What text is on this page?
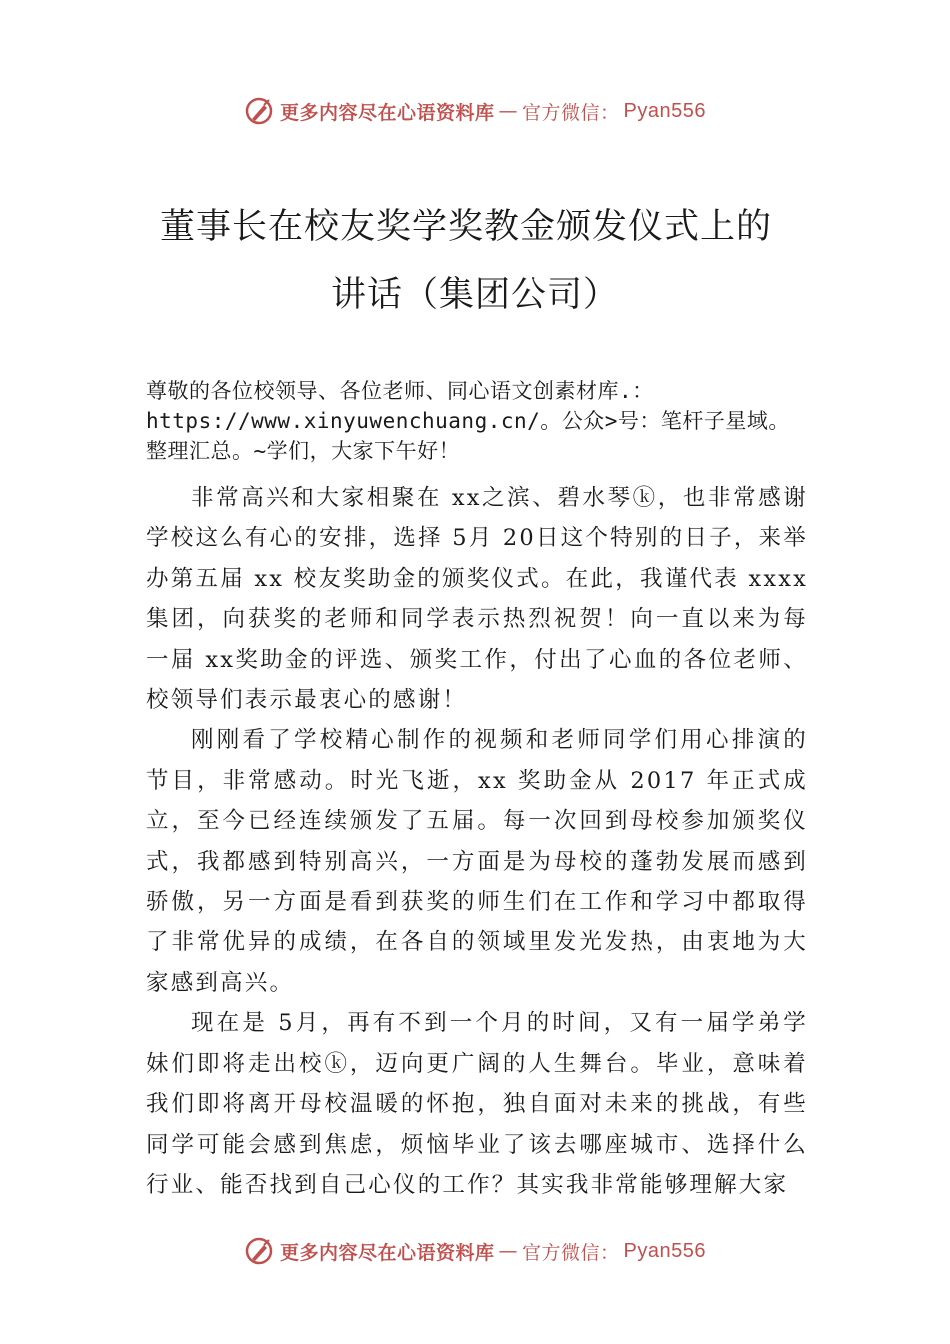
更多内容尽在心语资料库 — 官方微信： Pyan556
董事长在校友奖学奖教金颁发仪式上的
讲话（集团公司）
尊敬的各位校领导、各位老师、同心语文创素材库.：
https://www.xinyuwenchuang.cn/。公众>号：笔杆子星域。
整理汇总。~学们，大家下午好！

非常高兴和大家相聚在 xx之滨、碧水琴ⓚ，也非常感谢学校这么有心的安排，选择 5月 20日这个特别的日子，来举办第五届 xx 校友奖助金的颁奖仪式。在此，我谨代表 xxxx集团，向获奖的老师和同学表示热烈祝贺！向一直以来为每一届 xx奖助金的评选、颁奖工作，付出了心血的各位老师、校领导们表示最衷心的感谢！

刚刚看了学校精心制作的视频和老师同学们用心排演的节目，非常感动。时光飞逝，xx 奖助金从 2017 年正式成立，至今已经连续颁发了五届。每一次回到母校参加颁奖仪式，我都感到特别高兴，一方面是为母校的蓬勃发展而感到骄傲，另一方面是看到获奖的师生们在工作和学习中都取得了非常优异的成绩，在各自的领域里发光发热，由衷地为大家感到高兴。

现在是 5月，再有不到一个月的时间，又有一届学弟学妹们即将走出校ⓚ，迈向更广阔的人生舞台。毕业，意味着我们即将离开母校温暖的怀抱，独自面对未来的挑战，有些同学可能会感到焦虑，烦恼毕业了该去哪座城市、选择什么行业、能否找到自己心仪的工作？其实我非常能够理解大家

更多内容尽在心语资料库 — 官方微信： Pyan556
